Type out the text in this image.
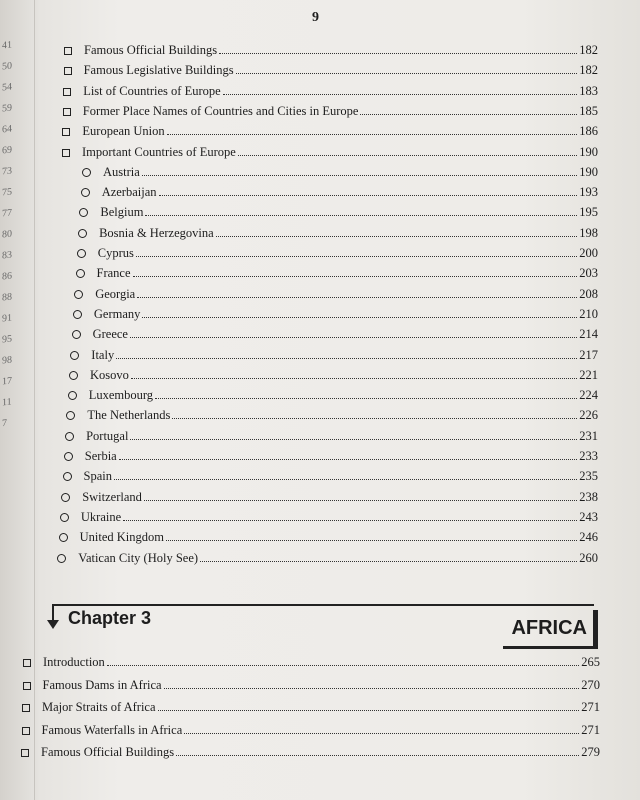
9
41
50
54
59
64
69
73
75
77
80
83
86
88
91
95
98
17
11
7
Famous Official Buildings	182
Famous Legislative Buildings	182
List of Countries of Europe	183
Former Place Names of Countries and Cities in Europe	185
European Union	186
Important Countries of Europe	190
Austria	190
Azerbaijan	193
Belgium	195
Bosnia & Herzegovina	198
Cyprus	200
France	203
Georgia	208
Germany	210
Greece	214
Italy	217
Kosovo	221
Luxembourg	224
The Netherlands	226
Portugal	231
Serbia	233
Spain	235
Switzerland	238
Ukraine	243
United Kingdom	246
Vatican City (Holy See)	260
Chapter 3	AFRICA
Introduction	265
Famous Dams in Africa	270
Major Straits of Africa	271
Famous Waterfalls in Africa	271
Famous Official Buildings	279
